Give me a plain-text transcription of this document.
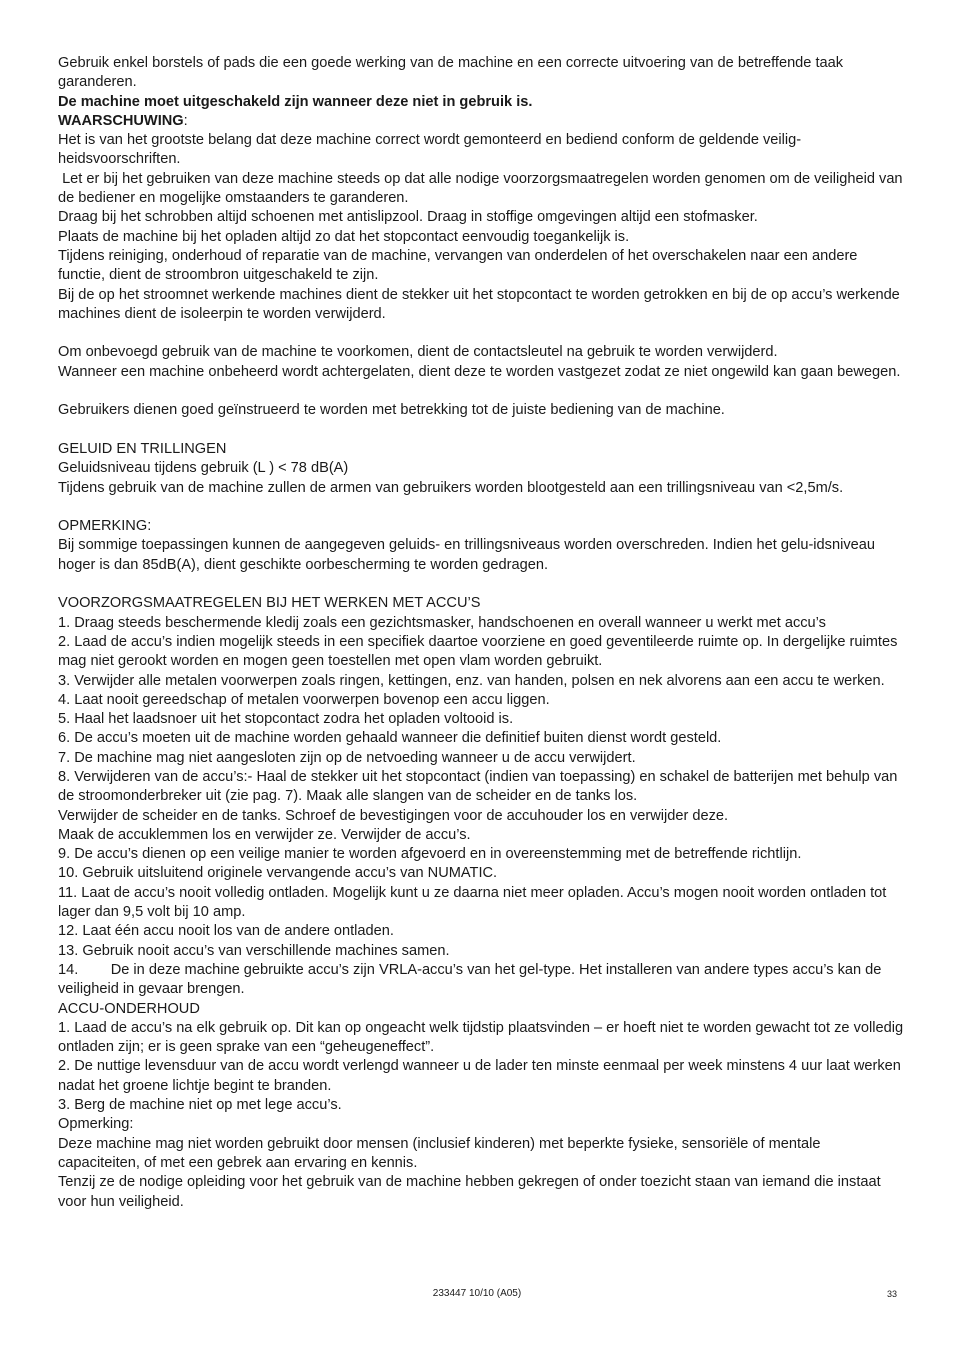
Gebruik enkel borstels of pads die een goede werking van de machine en een correcte uitvoering van de betreffende taak garanderen.

De machine moet uitgeschakeld zijn wanneer deze niet in gebruik is.

WAARSCHUWING:

Het is van het grootste belang dat deze machine correct wordt gemonteerd en bediend conform de geldende veilig-heidsvoorschriften.

Let er bij het gebruiken van deze machine steeds op dat alle nodige voorzorgsmaatregelen worden genomen om de veiligheid van de bediener en mogelijke omstaanders te garanderen.

Draag bij het schrobben altijd schoenen met antislipzool. Draag in stoffige omgevingen altijd een stofmasker.

Plaats de machine bij het opladen altijd zo dat het stopcontact eenvoudig toegankelijk is.

Tijdens reiniging, onderhoud of reparatie van de machine, vervangen van onderdelen of het overschakelen naar een andere functie, dient de stroombron uitgeschakeld te zijn.

Bij de op het stroomnet werkende machines dient de stekker uit het stopcontact te worden getrokken en bij de op accu’s werkende machines dient de isoleerpin te worden verwijderd.

Om onbevoegd gebruik van de machine te voorkomen, dient de contactsleutel na gebruik te worden verwijderd.

Wanneer een machine onbeheerd wordt achtergelaten, dient deze te worden vastgezet zodat ze niet ongewild kan gaan bewegen.

Gebruikers dienen goed geïnstrueerd te worden met betrekking tot de juiste bediening van de machine.

GELUID EN TRILLINGEN

Geluidsniveau tijdens gebruik (L ) < 78 dB(A)

Tijdens gebruik van de machine zullen de armen van gebruikers worden blootgesteld aan een trillingsniveau van <2,5m/s.

OPMERKING:

Bij sommige toepassingen kunnen de aangegeven geluids- en trillingsniveaus worden overschreden. Indien het gelu-idsniveau hoger is dan 85dB(A), dient geschikte oorbescherming te worden gedragen.

VOORZORGSMAATREGELEN BIJ HET WERKEN MET ACCU’S

1. Draag steeds beschermende kledij zoals een gezichtsmasker, handschoenen en overall wanneer u werkt met accu’s

2. Laad de accu’s indien mogelijk steeds in een specifiek daartoe voorziene en goed geventileerde ruimte op. In dergelijke ruimtes mag niet gerookt worden en mogen geen toestellen met open vlam worden gebruikt.

3. Verwijder alle metalen voorwerpen zoals ringen, kettingen, enz. van handen, polsen en nek alvorens aan een accu te werken.

4. Laat nooit gereedschap of metalen voorwerpen bovenop een accu liggen.

5. Haal het laadsnoer uit het stopcontact zodra het opladen voltooid is.

6. De accu’s moeten uit de machine worden gehaald wanneer die definitief buiten dienst wordt gesteld.

7. De machine mag niet aangesloten zijn op de netvoeding wanneer u de accu verwijdert.

8. Verwijderen van de accu’s:- Haal de stekker uit het stopcontact (indien van toepassing) en schakel de batterijen met behulp van de stroomonderbreker uit (zie pag. 7). Maak alle slangen van de scheider en de tanks los.

Verwijder de scheider en de tanks. Schroef de bevestigingen voor de accuhouder los en verwijder deze.

Maak de accuklemmen los en verwijder ze. Verwijder de accu’s.

9. De accu’s dienen op een veilige manier te worden afgevoerd en in overeenstemming met de betreffende richtlijn.

10. Gebruik uitsluitend originele vervangende accu’s van NUMATIC.

11. Laat de accu’s nooit volledig ontladen. Mogelijk kunt u ze daarna niet meer opladen. Accu’s mogen nooit worden ontladen tot lager dan 9,5 volt bij 10 amp.

12. Laat één accu nooit los van de andere ontladen.

13. Gebruik nooit accu’s van verschillende machines samen.

14.        De in deze machine gebruikte accu’s zijn VRLA-accu’s van het gel-type. Het installeren van andere types accu’s kan de veiligheid in gevaar brengen.

ACCU-ONDERHOUD

1. Laad de accu’s na elk gebruik op. Dit kan op ongeacht welk tijdstip plaatsvinden – er hoeft niet te worden gewacht tot ze volledig ontladen zijn; er is geen sprake van een “geheugeneffect”.

2. De nuttige levensduur van de accu wordt verlengd wanneer u de lader ten minste eenmaal per week minstens 4 uur laat werken nadat het groene lichtje begint te branden.

3. Berg de machine niet op met lege accu’s.

Opmerking:

Deze machine mag niet worden gebruikt door mensen (inclusief kinderen) met beperkte fysieke, sensoriële of mentale capaciteiten, of met een gebrek aan ervaring en kennis.

Tenzij ze de nodige opleiding voor het gebruik van de machine hebben gekregen of onder toezicht staan van iemand die instaat voor hun veiligheid.

233447 10/10 (A05)	33
